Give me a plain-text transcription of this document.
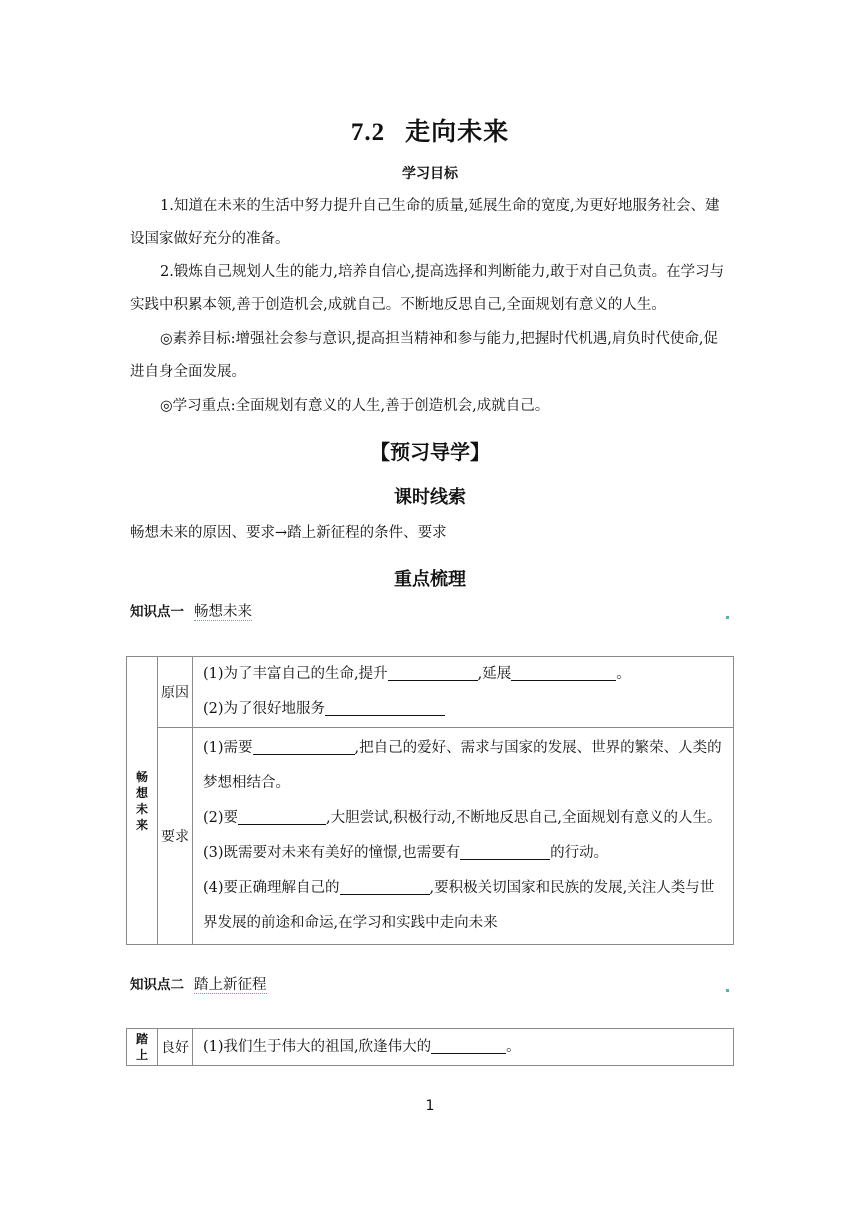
7.2 走向未来
学习目标
1.知道在未来的生活中努力提升自己生命的质量,延展生命的宽度,为更好地服务社会、建设国家做好充分的准备。
2.锻炼自己规划人生的能力,培养自信心,提高选择和判断能力,敢于对自己负责。在学习与实践中积累本领,善于创造机会,成就自己。不断地反思自己,全面规划有意义的人生。
◎素养目标:增强社会参与意识,提高担当精神和参与能力,把握时代机遇,肩负时代使命,促进自身全面发展。
◎学习重点:全面规划有意义的人生,善于创造机会,成就自己。
【预习导学】
课时线索
畅想未来的原因、要求→踏上新征程的条件、要求
重点梳理
知识点一 畅想未来
畅想未来	原因	(1)为了丰富自己的生命,提升 ,延展 。
(2)为了很好地服务

	要求	(1)需要 ,把自己的爱好、需求与国家的发展、世界的繁荣、人类的梦想相结合。
(2)要 ,大胆尝试,积极行动,不断地反思自己,全面规划有意义的人生。
(3)既需要对未来有美好的憧憬,也需要有 的行动。
(4)要正确理解自己的 ,要积极关切国家和民族的发展,关注人类与世界发展的前途和命运,在学习和实践中走向未来
知识点二 踏上新征程
踏上	良好	(1)我们生于伟大的祖国,欣逢伟大的	。
1
